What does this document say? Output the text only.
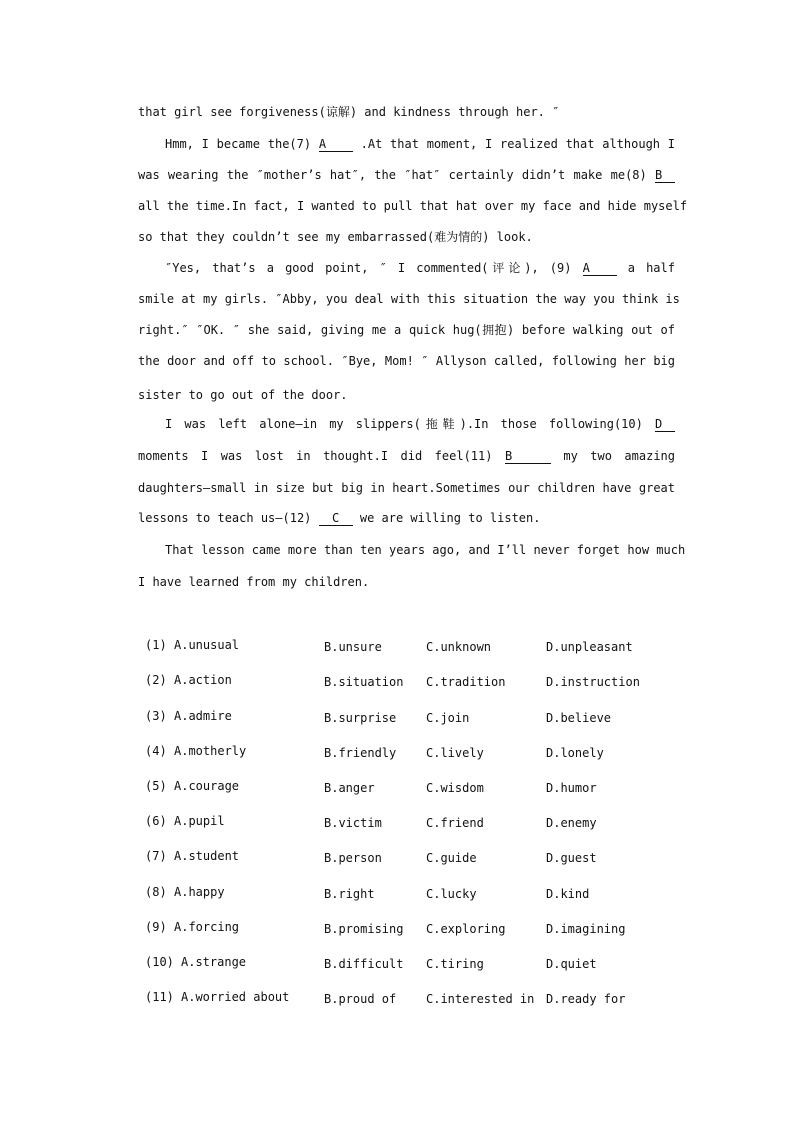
that girl see forgiveness(谅解) and kindness through her. ″
Hmm, I became the(7) A .At that moment, I realized that although I
was wearing the ″mother’s hat″, the ″hat″ certainly didn’t make me(8) B
all the time.In fact, I wanted to pull that hat over my face and hide myself
so that they couldn’t see my embarrassed(难为情的) look.
″Yes, that’s a good point, ″ I commented(评论), (9) A a half
smile at my girls. ″Abby, you deal with this situation the way you think is
right.″ ″OK. ″ she said, giving me a quick hug(拥抱) before walking out of
the door and off to school. ″Bye, Mom! ″ Allyson called, following her big
sister to go out of the door.
I was left alone—in my slippers(拖鞋).In those following(10) D
moments I was lost in thought.I did feel(11) B	my two amazing
daughters—small in size but big in heart.Sometimes our children have great
lessons to teach us—(12) C we are willing to listen.
That lesson came more than ten years ago, and I’ll never forget how much
I have learned from my children.
(1) A.unusual	B.unsure	C.unknown	D.unpleasant
(2) A.action	B.situation C.tradition	D.instruction
(3) A.admire	B.surprise C.join	D.believe
(4) A.motherly	B.friendly C.lively	D.lonely
(5) A.courage	B.anger	C.wisdom	D.humor
(6) A.pupil	B.victim	C.friend	D.enemy
(7) A.student	B.person	C.guide	D.guest
(8) A.happy	B.right	C.lucky	D.kind
(9) A.forcing	B.promising C.exploring	D.imagining
(10) A.strange	B.difficult C.tiring	D.quiet
(11) A.worried about	B.proud of C.interested in D.ready for
